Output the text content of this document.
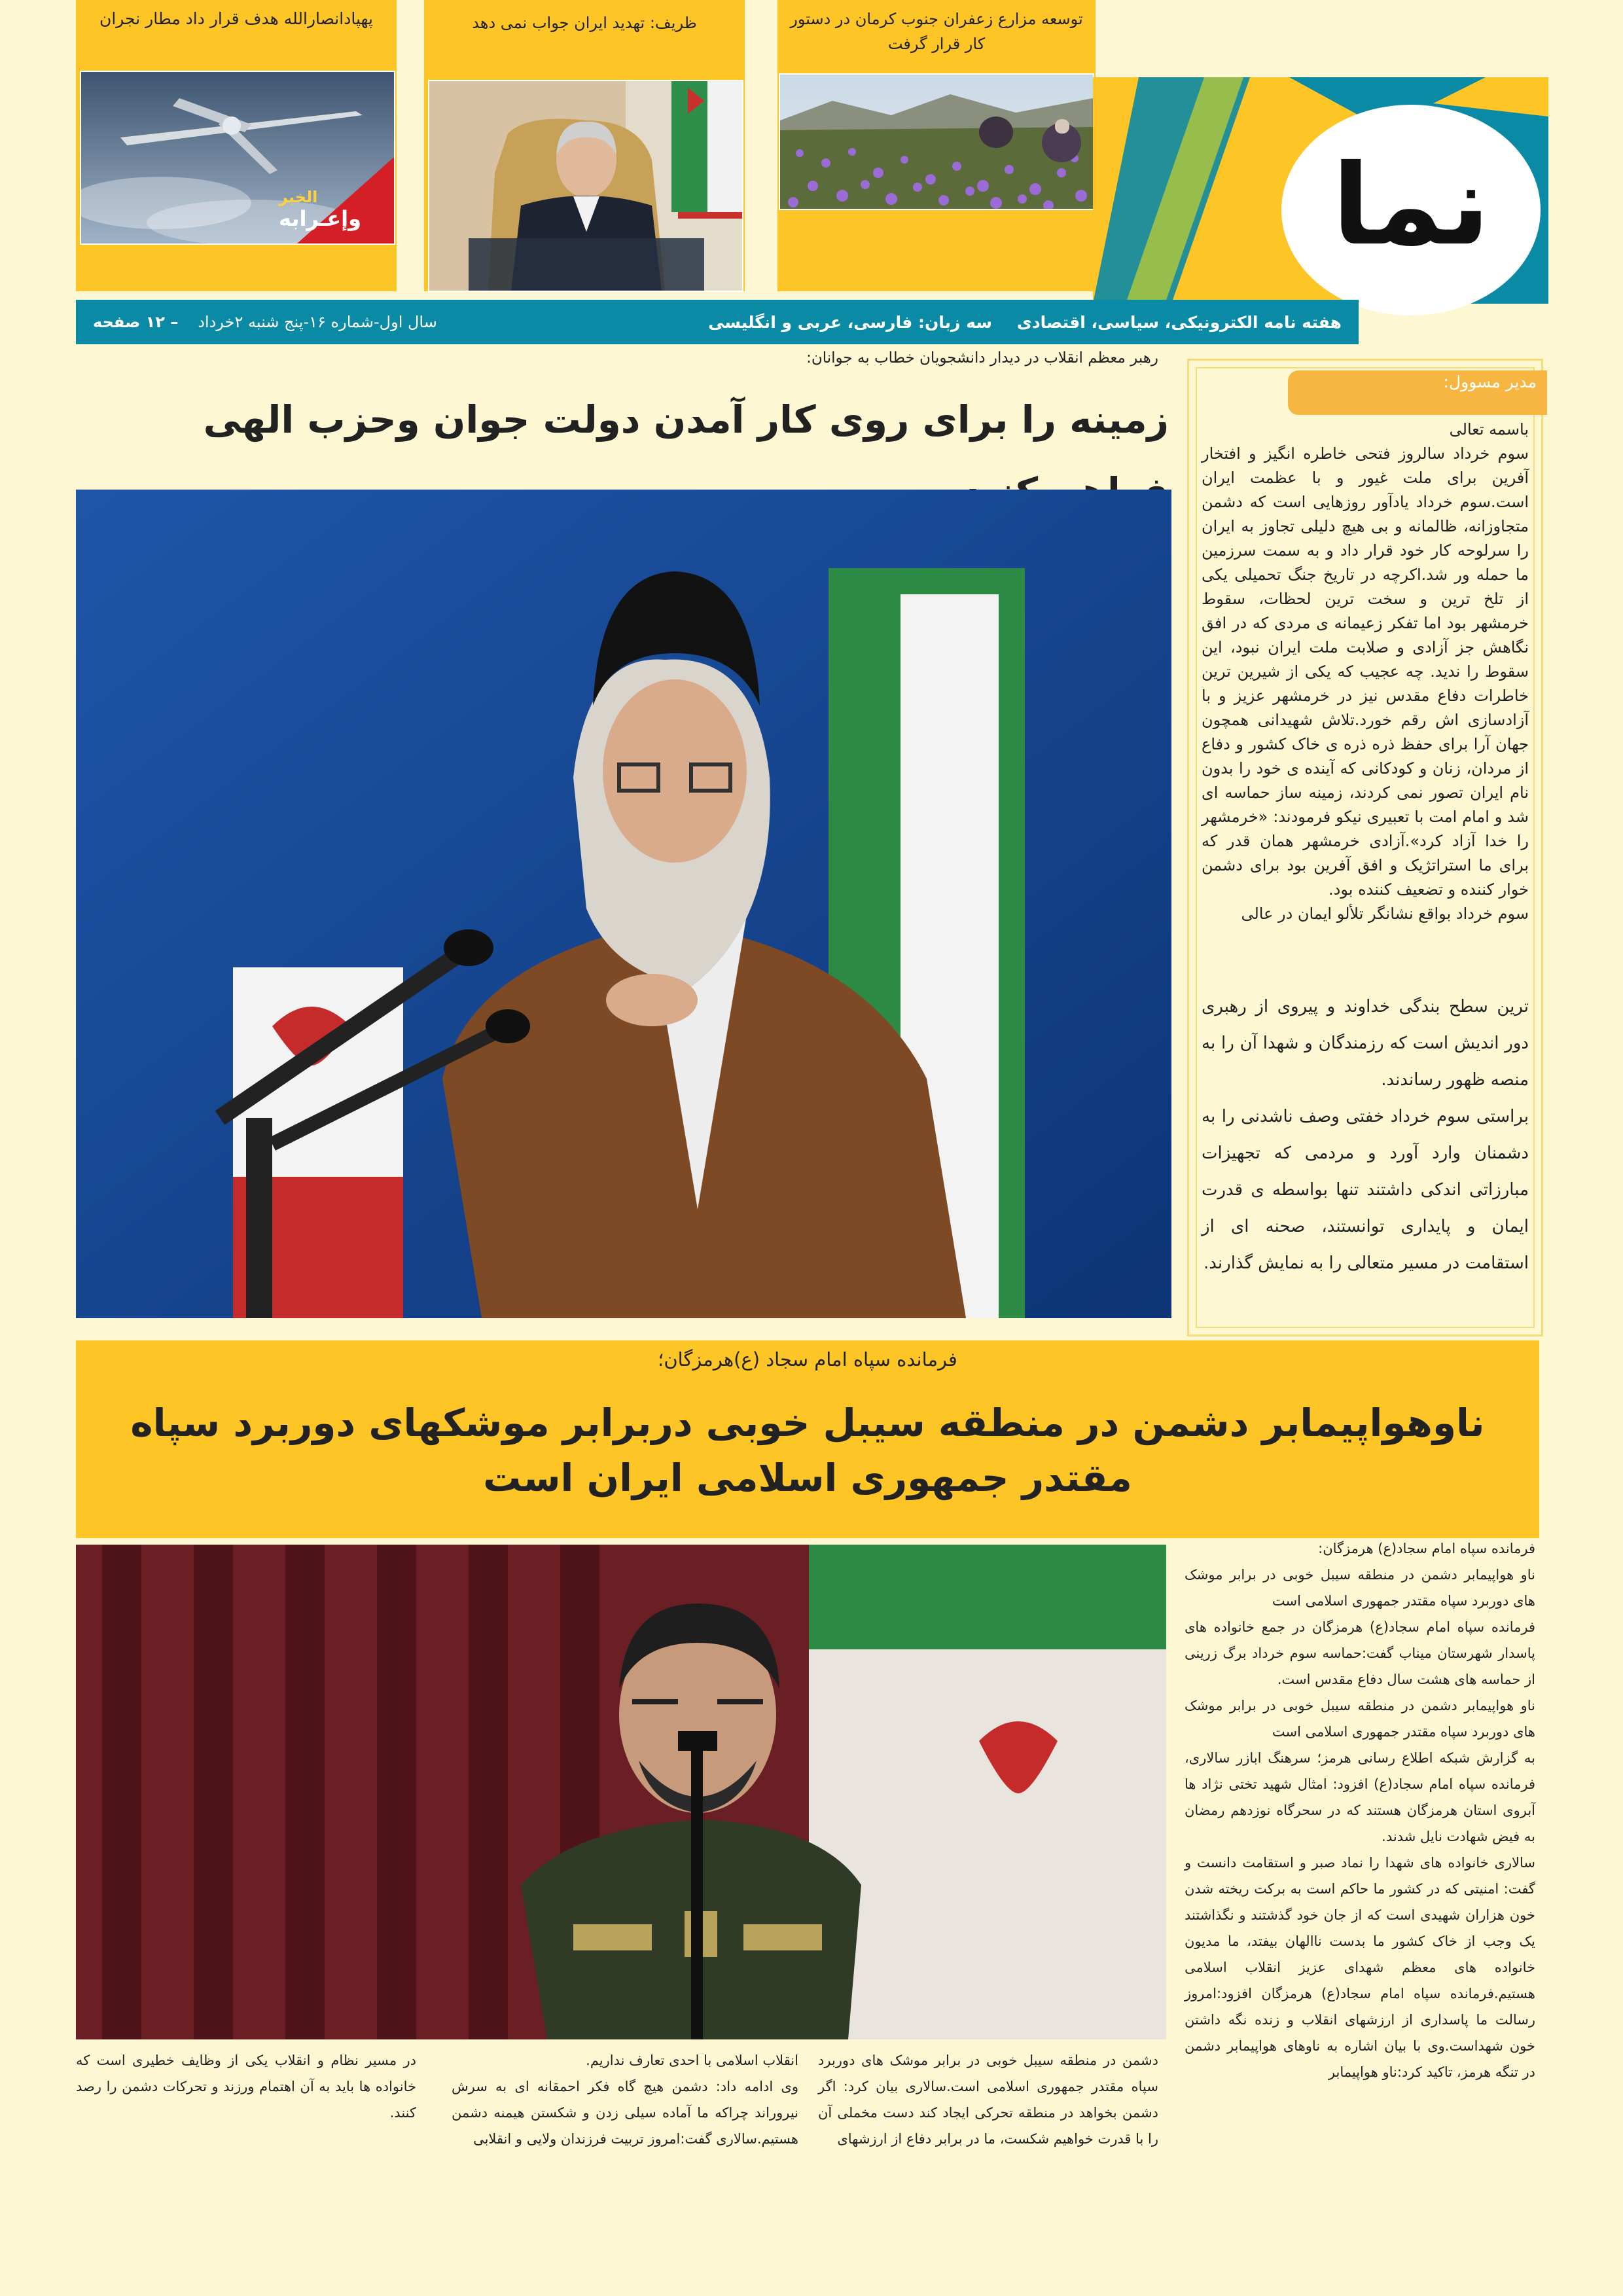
توسعه مزارع زعفران جنوب کرمان در دستور کار قرار گرفت
ظریف: تهدید ایران جواب نمی دهد
پهپادانصارالله هدف قرار داد مطار نجران
الخبر
وإعـرابه	نما
هفته نامه الکترونیکی، سیاسی، اقتصادی
سه زبان: فارسی، عربی و انگلیسی
سال اول-شماره ۱۶-پنج شنبه ۲خرداد
– ۱۲ صفحه
رهبر معظم انقلاب در دیدار دانشجویان خطاب به جوانان:
زمینه را برای روی کار آمدن دولت جوان وحزب الهی
مدیر مسوول:
باسمه تعالی
سوم خرداد سالروز فتحی خاطره انگیز و افتخار آفرین برای ملت غیور و با عظمت ایران است.سوم خرداد یادآور روزهایی است که دشمن متجاوزانه، ظالمانه و بی هیچ دلیلی تجاوز به ایران را سرلوحه کار خود قرار داد و به سمت سرزمین ما حمله ور شد.اکرچه در تاریخ جنگ تحمیلی یکی از تلخ ترین و سخت ترین لحظات، سقوط خرمشهر بود اما تفکر زعیمانه ی مردی که در افق نگاهش جز آزادی و صلابت ملت ایران نبود، این سقوط را ندید. چه عجیب که یکی از شیرین ترین خاطرات دفاع مقدس نیز در خرمشهر عزیز و با آزادسازی اش رقم خورد.تلاش شهیدانی همچون جهان آرا برای حفظ ذره ذره ی خاک کشور و دفاع از مردان، زنان و کودکانی که آینده ی خود را بدون نام ایران تصور نمی کردند، زمینه ساز حماسه ای شد و امام امت با تعبیری نیکو فرمودند: «خرمشهر را خدا آزاد کرد».آزادی خرمشهر همان قدر که برای ما استراتژیک و افق آفرین بود برای دشمن خوار کننده و تضعیف کننده بود.
سوم خرداد بواقع نشانگر تلألو ایمان در عالی
ترین سطح بندگی خداوند و پیروی از رهبری دور اندیش است که رزمندگان و شهدا آن را به منصه ظهور رساندند.
براستی سوم خرداد خفتی وصف ناشدنی را به دشمنان وارد آورد و مردمی که تجهیزات مبارزاتی اندکی داشتند تنها بواسطه ی قدرت ایمان و پایداری توانستند، صحنه ای از استقامت در مسیر متعالی را به نمایش گذارند.
فرمانده سپاه امام سجاد (ع)هرمزگان؛
ناوهواپیمابر دشمن در منطقه سیبل خوبی دربرابر موشکهای دوربرد سپاه مقتدر جمهوری اسلامی ایران است
فرمانده سپاه امام سجاد(ع) هرمزگان:
ناو هواپیمابر دشمن در منطقه سیبل خوبی در برابر موشک های دوربرد سپاه مقتدر جمهوری اسلامی است
فرمانده سپاه امام سجاد(ع) هرمزگان در جمع خانواده های پاسدار شهرستان میناب گفت:حماسه سوم خرداد برگ زرینی از حماسه های هشت سال دفاع مقدس است.
ناو هواپیمابر دشمن در منطقه سیبل خوبی در برابر موشک های دوربرد سپاه مقتدر جمهوری اسلامی است
به گزارش شبکه اطلاع رسانی هرمز؛ سرهنگ ابازر سالاری، فرمانده سپاه امام سجاد(ع) افزود: امثال شهید تختی نژاد ها آبروی استان هرمزگان هستند که در سحرگاه نوزدهم رمضان به فیض شهادت نایل شدند.
سالاری خانواده های شهدا را نماد صبر و استقامت دانست و گفت: امنیتی که در کشور ما حاکم است به برکت ریخته شدن خون هزاران شهیدی است که از جان خود گذشتند و نگذاشتند یک وجب از خاک کشور ما بدست ناالهان بیفتد، ما مدیون خانواده های معظم شهدای عزیز انقلاب اسلامی هستیم.فرمانده سپاه امام سجاد(ع) هرمزگان افزود:امروز رسالت ما پاسداری از ارزشهای انقلاب و زنده نگه داشتن خون شهداست.وی با بیان اشاره به ناوهای هواپیمابر دشمن در تنگه هرمز، تاکید کرد:ناو هواپیمابر
دشمن در منطقه سیبل خوبی در برابر موشک های دوربرد سپاه مقتدر جمهوری اسلامی است.سالاری بیان کرد: اگر دشمن بخواهد در منطقه تحرکی ایجاد کند دست مخملی آن را با قدرت خواهیم شکست، ما در برابر دفاع از ارزشهای
انقلاب اسلامی با احدی تعارف نداریم.
وی ادامه داد: دشمن هیچ گاه فکر احمقانه ای به سرش نیروراند چراکه ما آماده سیلی زدن و شکستن هیمنه دشمن هستیم.سالاری گفت:امروز تربیت فرزندان ولایی و انقلابی
در مسیر نظام و انقلاب یکی از وظایف خطیری است که خانواده ها باید به آن اهتمام ورزند و تحرکات دشمن را رصد کنند.
